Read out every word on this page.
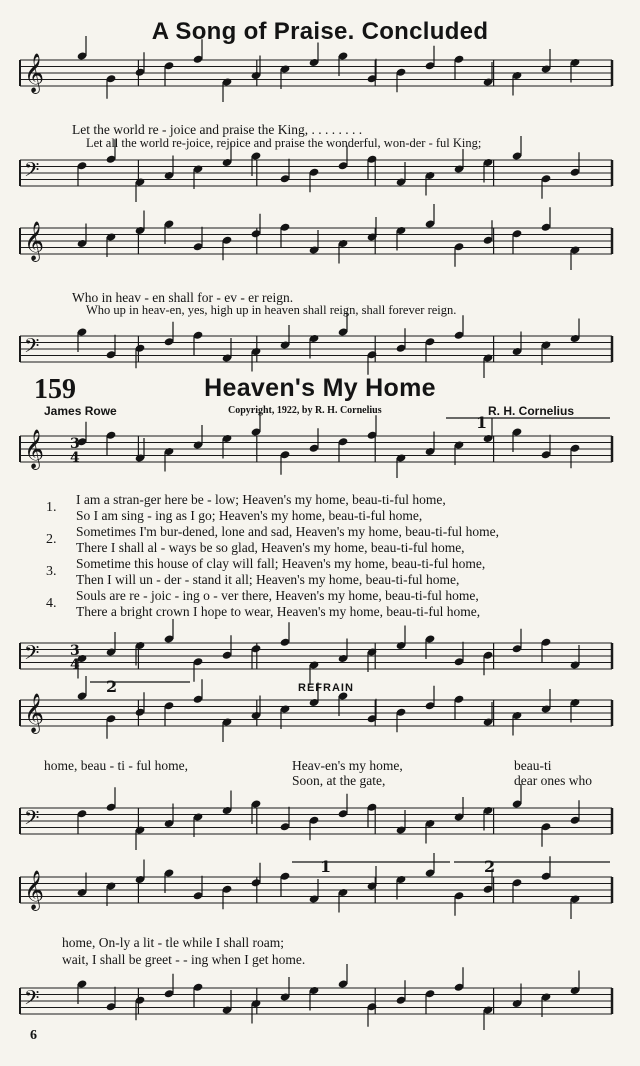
A Song of Praise. Concluded
159	Heaven's My Home
James Rowe	Copyright, 1922, by R. H. Cornelius	R. H. Cornelius
𝄞
𝄢
𝄞
𝄢
𝄞
𝄢
𝄞
𝄢
𝄞
𝄢
3
4
3
4
1
2
1	2
Let the world re - joice and praise the King, . . . . . . . .
Let all the world re-joice, rejoice and praise the wonderful, won-der - ful King;
Who in heav - en shall for - ev - er reign.
Who up in heav-en, yes, high up in heaven shall reign, shall forever reign.
1.
2.
3.
4.
I am a stran-ger here be - low; Heaven's my home, beau-ti-ful home,
So I am sing - ing as I go; Heaven's my home, beau-ti-ful home,
Sometimes I'm bur-dened, lone and sad, Heaven's my home, beau-ti-ful home,
There I shall al - ways be so glad, Heaven's my home, beau-ti-ful home,
Sometime this house of clay will fall; Heaven's my home, beau-ti-ful home,
Then I will un - der - stand it all; Heaven's my home, beau-ti-ful home,
Souls are re - joic - ing o - ver there, Heaven's my home, beau-ti-ful home,
There a bright crown I hope to wear, Heaven's my home, beau-ti-ful home,
REFRAIN
home, beau - ti - ful home,	Heav-en's my home,
Soon, at the gate,
beau-ti
dear ones who
home, On-ly a lit - tle while I shall roam;
wait, I shall be greet - - ing when I get home.
6
